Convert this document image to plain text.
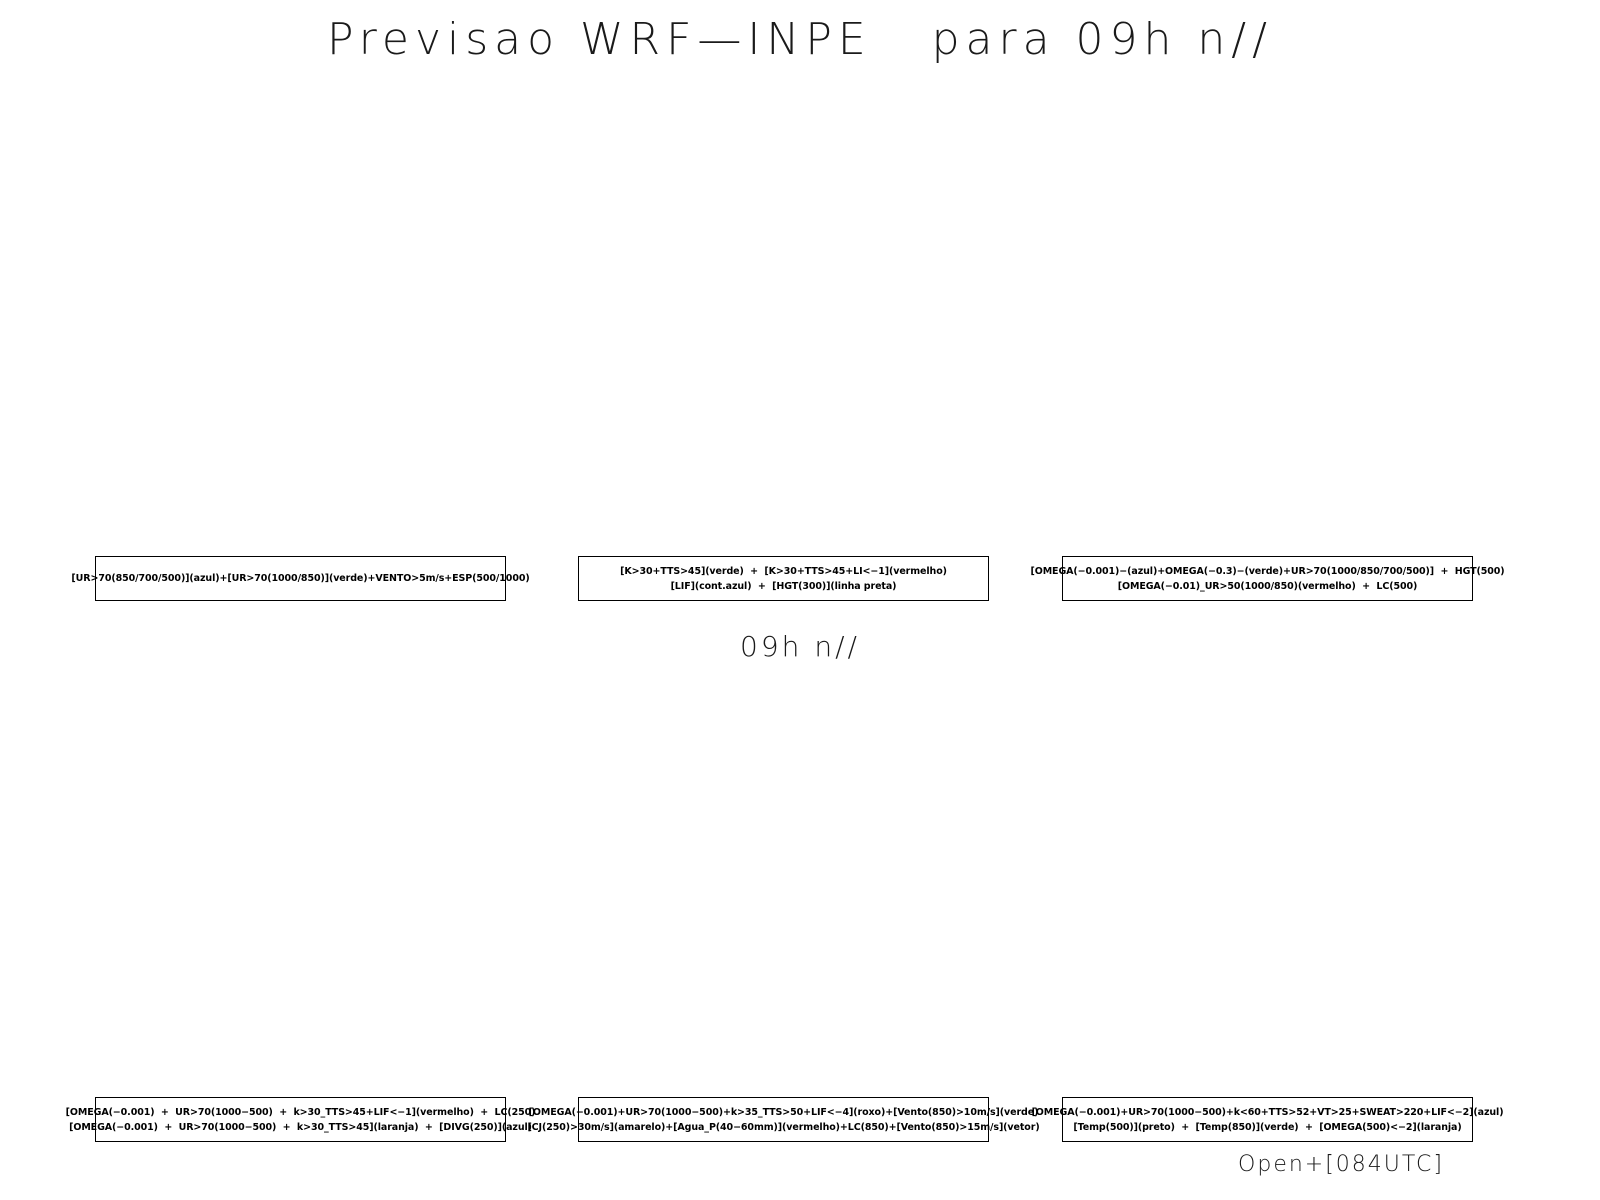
Previsao WRF—INPE   para 09h n//
[UR>70(850/700/500)](azul)+[UR>70(1000/850)](verde)+VENTO>5m/s+ESP(500/1000)
[K>30+TTS>45](verde)  +  [K>30+TTS>45+LI<−1](vermelho)
[LIF](cont.azul)  +  [HGT(300)](linha preta)
[OMEGA(−0.001)−(azul)+OMEGA(−0.3)−(verde)+UR>70(1000/850/700/500)]  +  HGT(500)
[OMEGA(−0.01)_UR>50(1000/850)(vermelho)  +  LC(500)
09h n//
[OMEGA(−0.001)  +  UR>70(1000−500)  +  k>30_TTS>45+LIF<−1](vermelho)  +  LC(250)
[OMEGA(−0.001)  +  UR>70(1000−500)  +  k>30_TTS>45](laranja)  +  [DIVG(250)](azul)
[OMEGA(−0.001)+UR>70(1000−500)+k>35_TTS>50+LIF<−4](roxo)+[Vento(850)>10m/s](verde)
[CJ(250)>30m/s](amarelo)+[Agua_P(40−60mm)](vermelho)+LC(850)+[Vento(850)>15m/s](vetor)
[OMEGA(−0.001)+UR>70(1000−500)+k<60+TTS>52+VT>25+SWEAT>220+LIF<−2](azul)
[Temp(500)](preto)  +  [Temp(850)](verde)  +  [OMEGA(500)<−2](laranja)
Open+[084UTC]
